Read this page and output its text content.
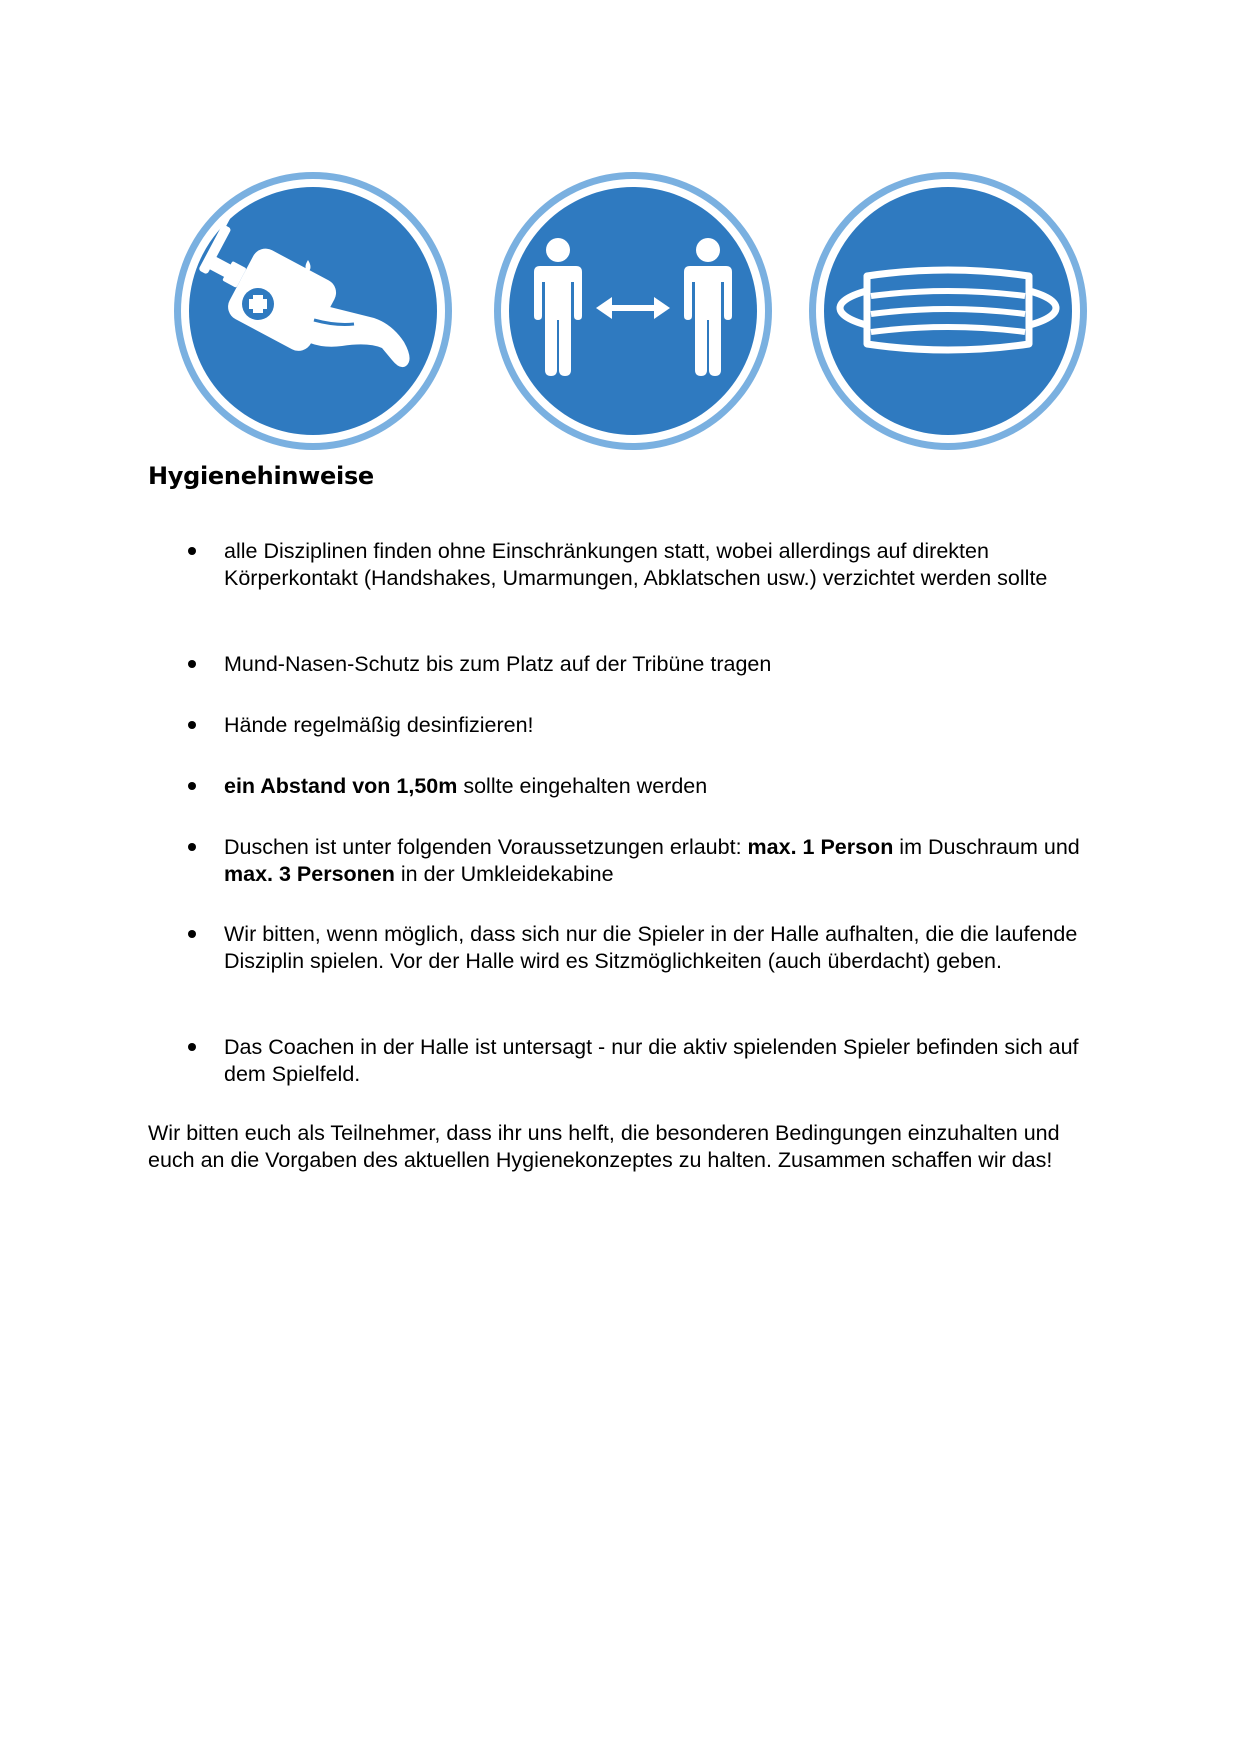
Hygienehinweise
alle Disziplinen finden ohne Einschränkungen statt, wobei allerdings auf direkten Körperkontakt (Handshakes, Umarmungen, Abklatschen usw.) verzichtet werden sollte
Mund-Nasen-Schutz bis zum Platz auf der Tribüne tragen
Hände regelmäßig desinfizieren!
ein Abstand von 1,50m sollte eingehalten werden
Duschen ist unter folgenden Voraussetzungen erlaubt: max. 1 Person im Duschraum und max. 3 Personen in der Umkleidekabine
Wir bitten, wenn möglich, dass sich nur die Spieler in der Halle aufhalten, die die laufende Disziplin spielen. Vor der Halle wird es Sitzmöglichkeiten (auch überdacht) geben.
Das Coachen in der Halle ist untersagt - nur die aktiv spielenden Spieler befinden sich auf dem Spielfeld.

Wir bitten euch als Teilnehmer, dass ihr uns helft, die besonderen Bedingungen einzuhalten und euch an die Vorgaben des aktuellen Hygienekonzeptes zu halten. Zusammen schaffen wir das!
